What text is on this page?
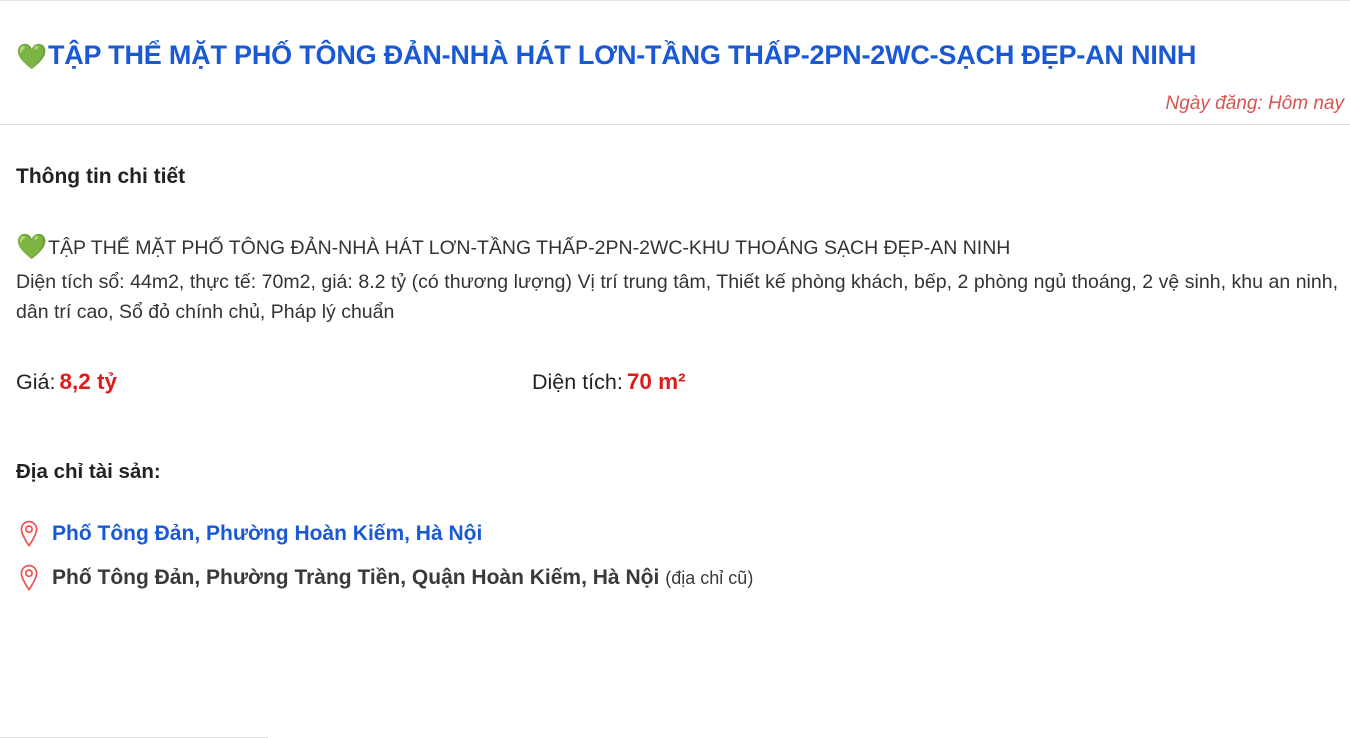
💚TẬP THỂ MẶT PHỐ TÔNG ĐẢN-NHÀ HÁT LƠN-TẦNG THẤP-2PN-2WC-SẠCH ĐẸP-AN NINH
Ngày đăng: Hôm nay
Thông tin chi tiết

💚TẬP THỂ MẶT PHỐ TÔNG ĐẢN-NHÀ HÁT LƠN-TẦNG THẤP-2PN-2WC-KHU THOÁNG SẠCH ĐẸP-AN NINH

Diện tích sổ: 44m2, thực tế: 70m2, giá: 8.2 tỷ (có thương lượng) Vị trí trung tâm, Thiết kế phòng khách, bếp, 2 phòng ngủ thoáng, 2 vệ sinh, khu an ninh, dân trí cao, Sổ đỏ chính chủ, Pháp lý chuẩn

Giá: 8,2 tỷ	Diện tích: 70 m²
Địa chỉ tài sản:
Phố Tông Đản, Phường Hoàn Kiếm, Hà Nội
Phố Tông Đản, Phường Tràng Tiền, Quận Hoàn Kiếm, Hà Nội (địa chỉ cũ)
